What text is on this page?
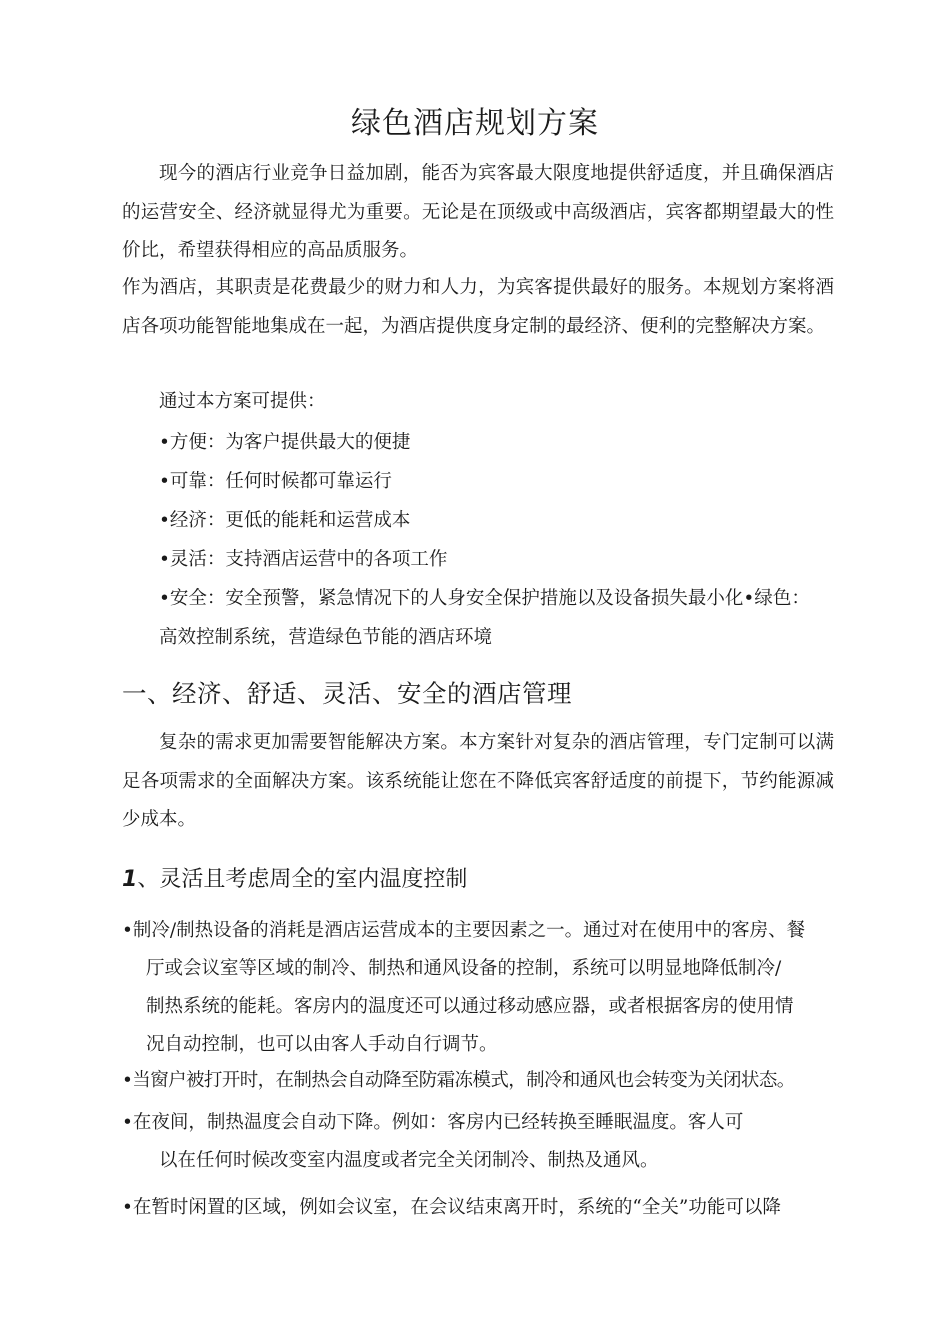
绿色酒店规划方案

现今的酒店行业竞争日益加剧，能否为宾客最大限度地提供舒适度，并且确保酒店的运营安全、经济就显得尤为重要。无论是在顶级或中高级酒店，宾客都期望最大的性价比，希望获得相应的高品质服务。

作为酒店，其职责是花费最少的财力和人力，为宾客提供最好的服务。本规划方案将酒店各项功能智能地集成在一起，为酒店提供度身定制的最经济、便利的完整解决方案。

通过本方案可提供：

•方便：为客户提供最大的便捷

•可靠：任何时候都可靠运行

•经济：更低的能耗和运营成本

•灵活：支持酒店运营中的各项工作

•安全：安全预警，紧急情况下的人身安全保护措施以及设备损失最小化•绿色：

高效控制系统，营造绿色节能的酒店环境

一、经济、舒适、灵活、安全的酒店管理

复杂的需求更加需要智能解决方案。本方案针对复杂的酒店管理，专门定制可以满足各项需求的全面解决方案。该系统能让您在不降低宾客舒适度的前提下，节约能源减少成本。

1、灵活且考虑周全的室内温度控制

•制冷/制热设备的消耗是酒店运营成本的主要因素之一。通过对在使用中的客房、餐

厅或会议室等区域的制冷、制热和通风设备的控制，系统可以明显地降低制冷/

制热系统的能耗。客房内的温度还可以通过移动感应器，或者根据客房的使用情

况自动控制，也可以由客人手动自行调节。

•当窗户被打开时，在制热会自动降至防霜冻模式，制冷和通风也会转变为关闭状态。

•在夜间，制热温度会自动下降。例如：客房内已经转换至睡眠温度。客人可

以在任何时候改变室内温度或者完全关闭制冷、制热及通风。

•在暂时闲置的区域，例如会议室，在会议结束离开时，系统的“全关”功能可以降
